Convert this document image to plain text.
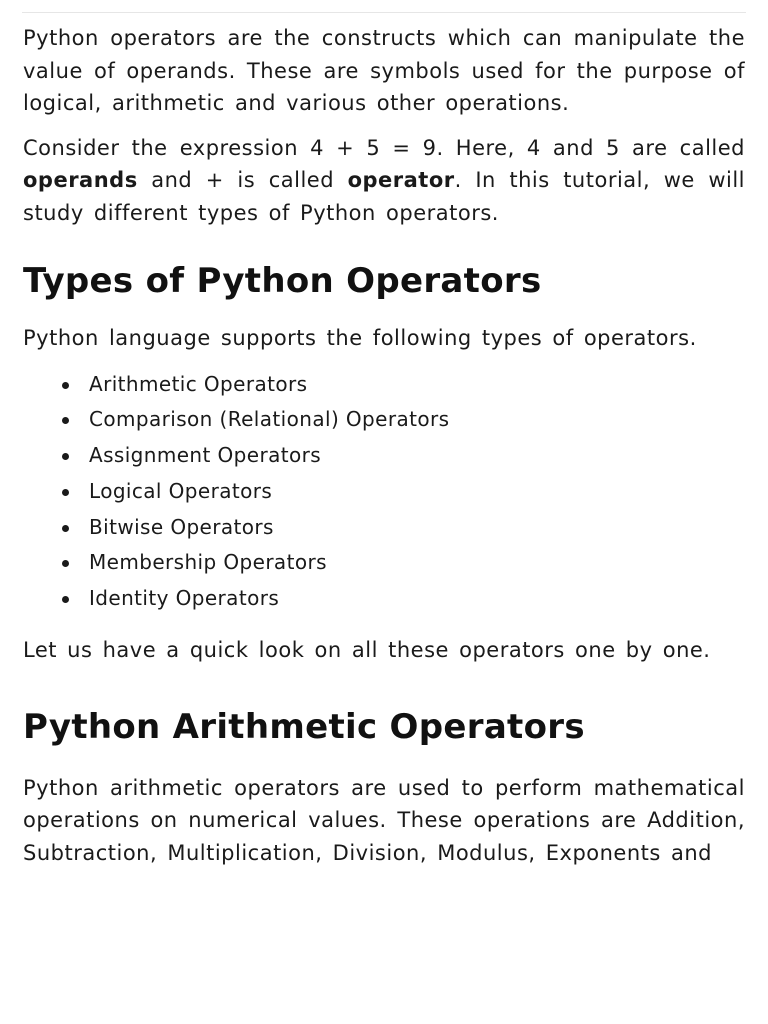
Python operators are the constructs which can manipulate the value of operands. These are symbols used for the purpose of logical, arithmetic and various other operations.

Consider the expression 4 + 5 = 9. Here, 4 and 5 are called operands and + is called operator. In this tutorial, we will study different types of Python operators.

Types of Python Operators

Python language supports the following types of operators.

Arithmetic Operators
Comparison (Relational) Operators
Assignment Operators
Logical Operators
Bitwise Operators
Membership Operators
Identity Operators

Let us have a quick look on all these operators one by one.

Python Arithmetic Operators

Python arithmetic operators are used to perform mathematical operations on numerical values. These operations are Addition, Subtraction, Multiplication, Division, Modulus, Exponents and
